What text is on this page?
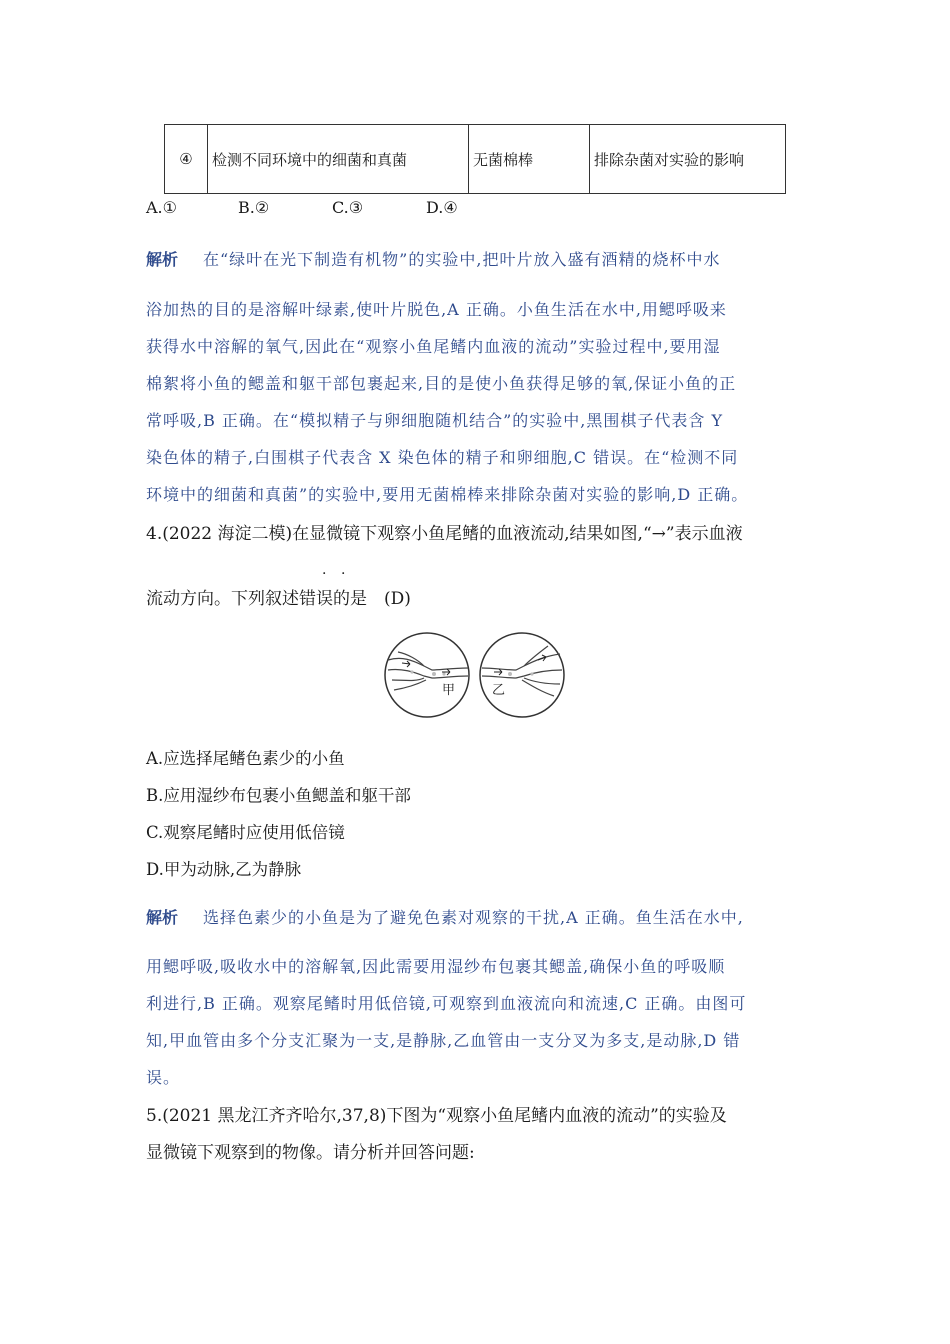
④	检测不同环境中的细菌和真菌	无菌棉棒	排除杂菌对实验的影响
A.①	B.②	C.③	D.④
解析 在“绿叶在光下制造有机物”的实验中,把叶片放入盛有酒精的烧杯中水
浴加热的目的是溶解叶绿素,使叶片脱色,A 正确。小鱼生活在水中,用鳃呼吸来
获得水中溶解的氧气,因此在“观察小鱼尾鳍内血液的流动”实验过程中,要用湿
棉絮将小鱼的鳃盖和躯干部包裹起来,目的是使小鱼获得足够的氧,保证小鱼的正
常呼吸,B 正确。在“模拟精子与卵细胞随机结合”的实验中,黑围棋子代表含 Y
染色体的精子,白围棋子代表含 X 染色体的精子和卵细胞,C 错误。在“检测不同
环境中的细菌和真菌”的实验中,要用无菌棉棒来排除杂菌对实验的影响,D 正确。
4.(2022 海淀二模)在显微镜下观察小鱼尾鳍的血液流动,结果如图,“→”表示血液
· ·
流动方向。下列叙述错误的是　(D)
甲	乙
A.应选择尾鳍色素少的小鱼
B.应用湿纱布包裹小鱼鳃盖和躯干部
C.观察尾鳍时应使用低倍镜
D.甲为动脉,乙为静脉
解析 选择色素少的小鱼是为了避免色素对观察的干扰,A 正确。鱼生活在水中,
用鳃呼吸,吸收水中的溶解氧,因此需要用湿纱布包裹其鳃盖,确保小鱼的呼吸顺
利进行,B 正确。观察尾鳍时用低倍镜,可观察到血液流向和流速,C 正确。由图可
知,甲血管由多个分支汇聚为一支,是静脉,乙血管由一支分叉为多支,是动脉,D 错
误。
5.(2021 黑龙江齐齐哈尔,37,8)下图为“观察小鱼尾鳍内血液的流动”的实验及
显微镜下观察到的物像。请分析并回答问题:
